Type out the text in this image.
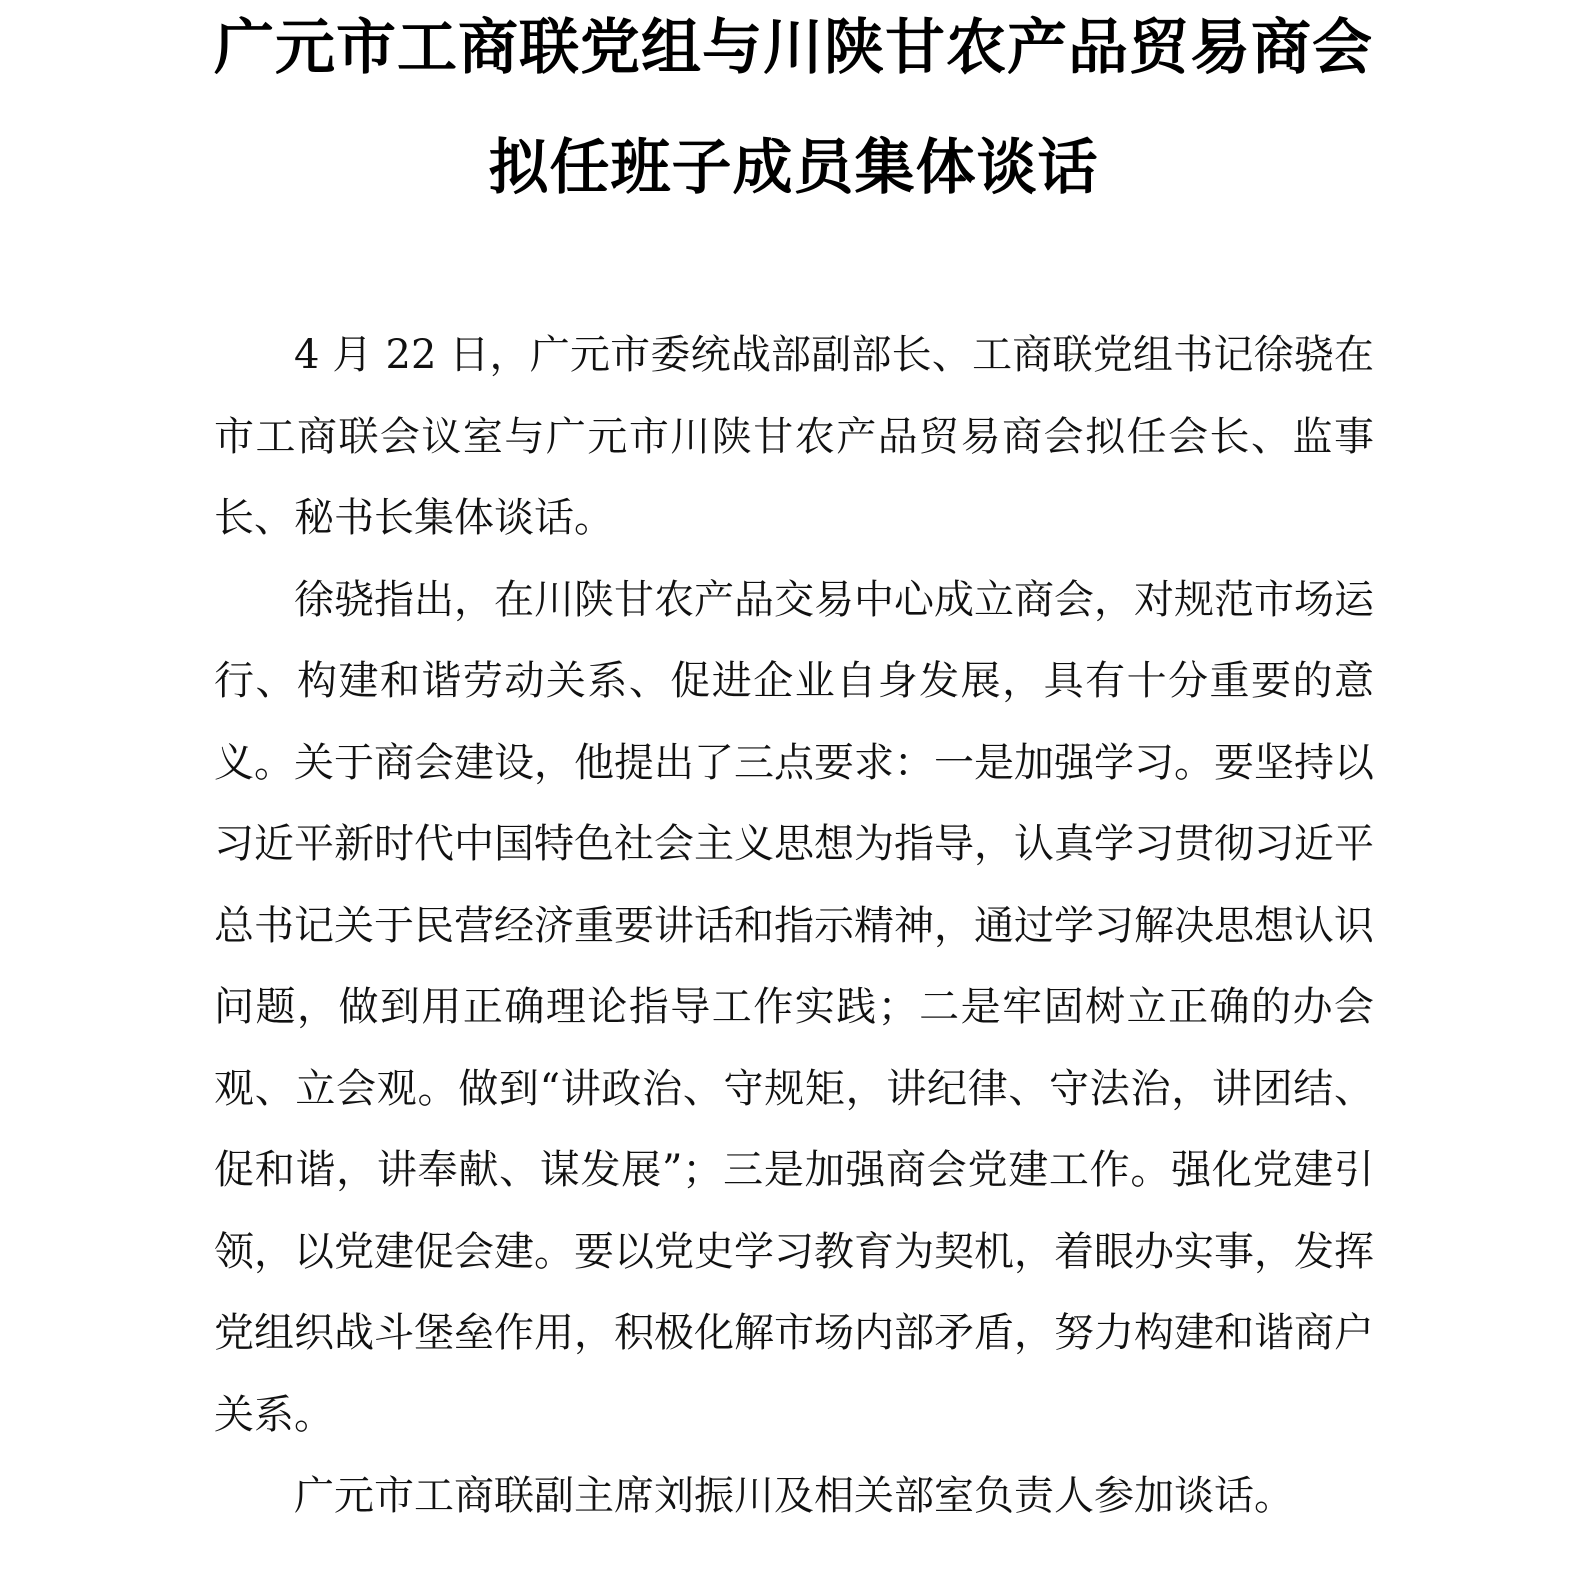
广元市工商联党组与川陕甘农产品贸易商会
拟任班子成员集体谈话

4 月 22 日，广元市委统战部副部长、工商联党组书记徐骁在市工商联会议室与广元市川陕甘农产品贸易商会拟任会长、监事长、秘书长集体谈话。

徐骁指出，在川陕甘农产品交易中心成立商会，对规范市场运行、构建和谐劳动关系、促进企业自身发展，具有十分重要的意义。关于商会建设，他提出了三点要求：一是加强学习。要坚持以习近平新时代中国特色社会主义思想为指导，认真学习贯彻习近平总书记关于民营经济重要讲话和指示精神，通过学习解决思想认识问题，做到用正确理论指导工作实践；二是牢固树立正确的办会观、立会观。做到“讲政治、守规矩，讲纪律、守法治，讲团结、促和谐，讲奉献、谋发展”；三是加强商会党建工作。强化党建引领，以党建促会建。要以党史学习教育为契机，着眼办实事，发挥党组织战斗堡垒作用，积极化解市场内部矛盾，努力构建和谐商户关系。

广元市工商联副主席刘振川及相关部室负责人参加谈话。
